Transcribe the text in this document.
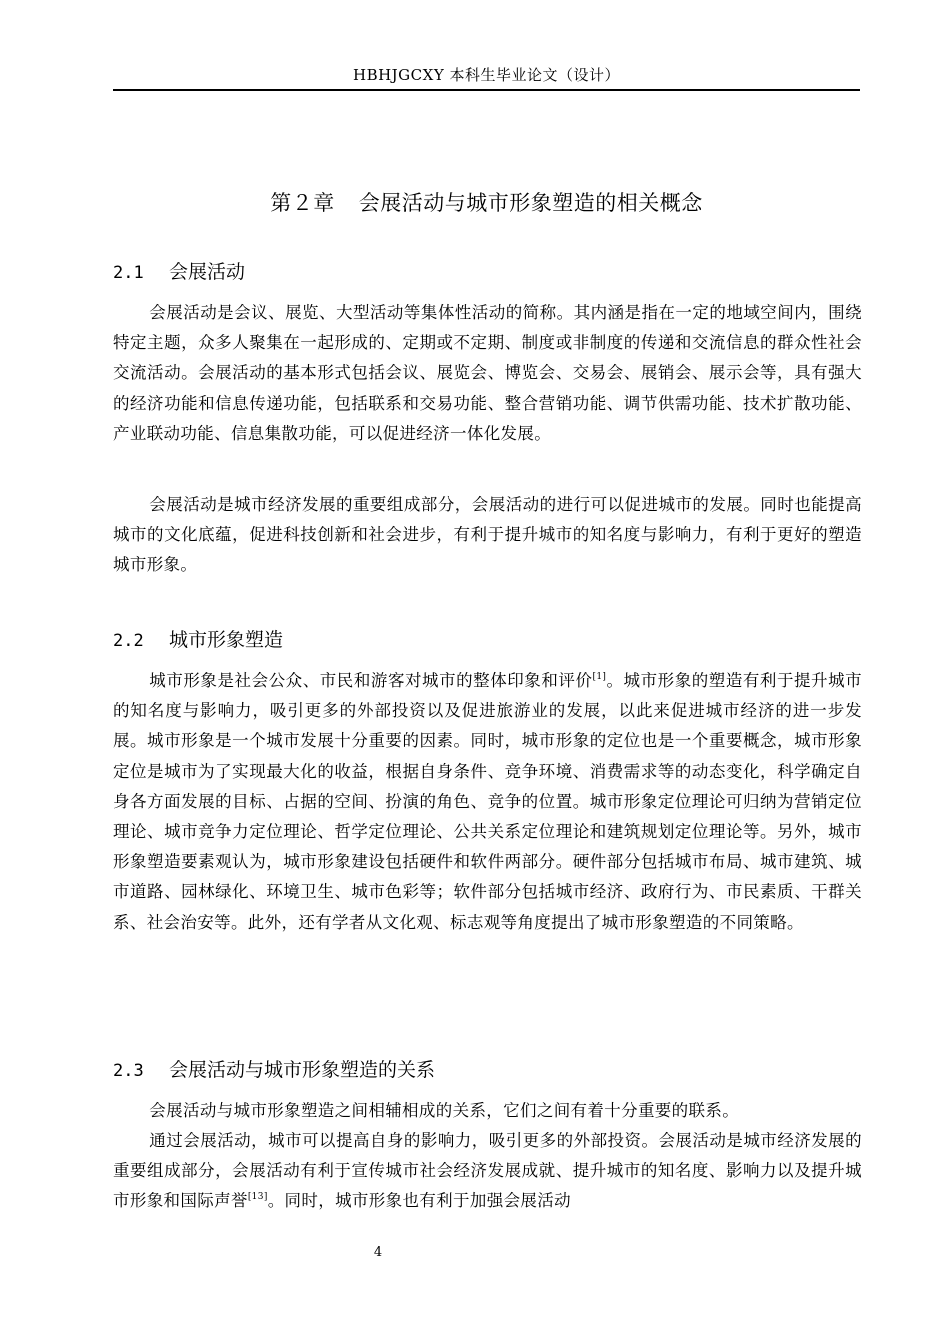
HBHJGCXY 本科生毕业论文（设计）
第２章 会展活动与城市形象塑造的相关概念
2.1 会展活动

会展活动是会议、展览、大型活动等集体性活动的简称。其内涵是指在一定的地域空间内，围绕特定主题，众多人聚集在一起形成的、定期或不定期、制度或非制度的传递和交流信息的群众性社会交流活动。会展活动的基本形式包括会议、展览会、博览会、交易会、展销会、展示会等，具有强大的经济功能和信息传递功能，包括联系和交易功能、整合营销功能、调节供需功能、技术扩散功能、产业联动功能、信息集散功能，可以促进经济一体化发展。

会展活动是城市经济发展的重要组成部分，会展活动的进行可以促进城市的发展。同时也能提高城市的文化底蕴，促进科技创新和社会进步，有利于提升城市的知名度与影响力，有利于更好的塑造城市形象。

2.2 城市形象塑造

城市形象是社会公众、市民和游客对城市的整体印象和评价[1]。城市形象的塑造有利于提升城市的知名度与影响力，吸引更多的外部投资以及促进旅游业的发展，以此来促进城市经济的进一步发展。城市形象是一个城市发展十分重要的因素。同时，城市形象的定位也是一个重要概念，城市形象定位是城市为了实现最大化的收益，根据自身条件、竞争环境、消费需求等的动态变化，科学确定自身各方面发展的目标、占据的空间、扮演的角色、竞争的位置。城市形象定位理论可归纳为营销定位理论、城市竞争力定位理论、哲学定位理论、公共关系定位理论和建筑规划定位理论等。另外，城市形象塑造要素观认为，城市形象建设包括硬件和软件两部分。硬件部分包括城市布局、城市建筑、城市道路、园林绿化、环境卫生、城市色彩等；软件部分包括城市经济、政府行为、市民素质、干群关系、社会治安等。此外，还有学者从文化观、标志观等角度提出了城市形象塑造的不同策略。

2.3 会展活动与城市形象塑造的关系

会展活动与城市形象塑造之间相辅相成的关系，它们之间有着十分重要的联系。

通过会展活动，城市可以提高自身的影响力，吸引更多的外部投资。会展活动是城市经济发展的重要组成部分，会展活动有利于宣传城市社会经济发展成就、提升城市的知名度、影响力以及提升城市形象和国际声誉[13]。同时，城市形象也有利于加强会展活动

4
